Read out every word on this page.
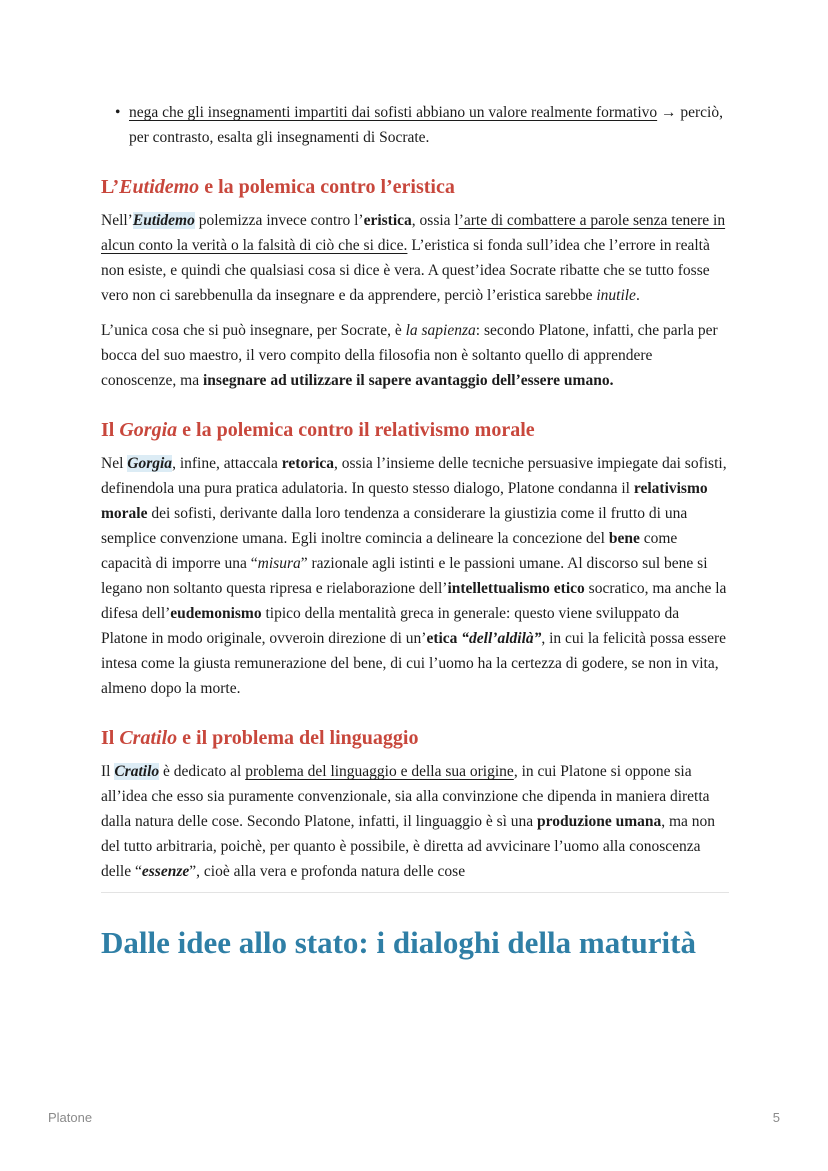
• nega che gli insegnamenti impartiti dai sofisti abbiano un valore realmente formativo → perciò, per contrasto, esalta gli insegnamenti di Socrate.
L’Eutidemo e la polemica contro l’eristica

Nell’Eutidemo polemizza invece contro l’eristica, ossia l’arte di combattere a parole senza tenere in alcun conto la verità o la falsità di ciò che si dice. L’eristica si fonda sull’idea che l’errore in realtà non esiste, e quindi che qualsiasi cosa si dice è vera. A quest’idea Socrate ribatte che se tutto fosse vero non ci sarebbenulla da insegnare e da apprendere, perciò l’eristica sarebbe inutile.

L’unica cosa che si può insegnare, per Socrate, è la sapienza: secondo Platone, infatti, che parla per bocca del suo maestro, il vero compito della filosofia non è soltanto quello di apprendere conoscenze, ma insegnare ad utilizzare il sapere avantaggio dell’essere umano.

Il Gorgia e la polemica contro il relativismo morale

Nel Gorgia, infine, attaccala retorica, ossia l’insieme delle tecniche persuasive impiegate dai sofisti, definendola una pura pratica adulatoria. In questo stesso dialogo, Platone condanna il relativismo morale dei sofisti, derivante dalla loro tendenza a considerare la giustizia come il frutto di una semplice convenzione umana. Egli inoltre comincia a delineare la concezione del bene come capacità di imporre una “misura” razionale agli istinti e le passioni umane. Al discorso sul bene si legano non soltanto questa ripresa e rielaborazione dell’intellettualismo etico socratico, ma anche la difesa dell’eudemonismo tipico della mentalità greca in generale: questo viene sviluppato da Platone in modo originale, ovveroin direzione di un’etica “dell’aldilà”, in cui la felicità possa essere intesa come la giusta remunerazione del bene, di cui l’uomo ha la certezza di godere, se non in vita, almeno dopo la morte.

Il Cratilo e il problema del linguaggio

Il Cratilo è dedicato al problema del linguaggio e della sua origine, in cui Platone si oppone sia all’idea che esso sia puramente convenzionale, sia alla convinzione che dipenda in maniera diretta dalla natura delle cose. Secondo Platone, infatti, il linguaggio è sì una produzione umana, ma non del tutto arbitraria, poichè, per quanto è possibile, è diretta ad avvicinare l’uomo alla conoscenza delle “essenze”, cioè alla vera e profonda natura delle cose

Dalle idee allo stato: i dialoghi della maturità
Platone	5
